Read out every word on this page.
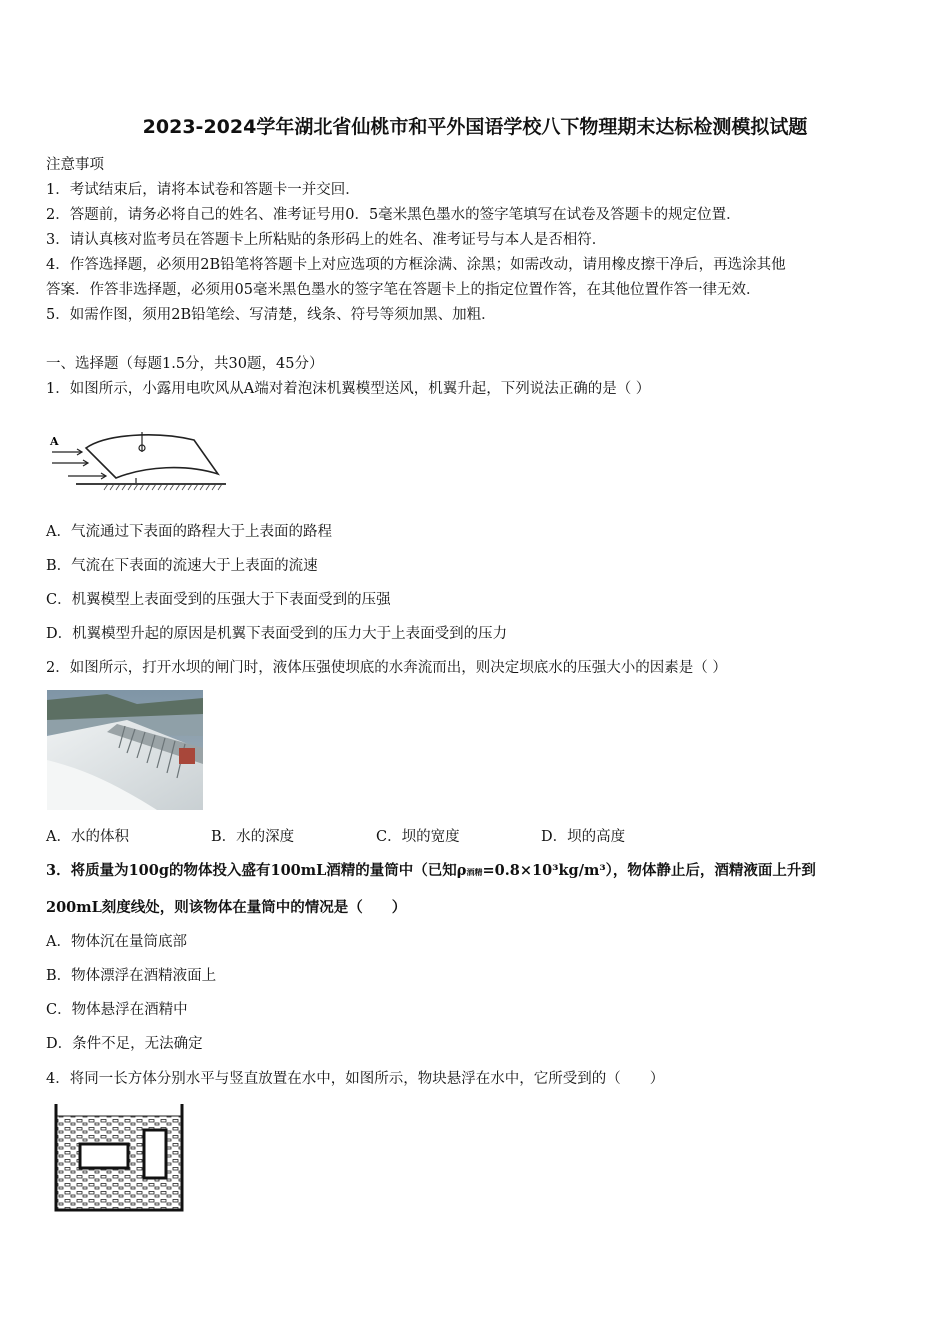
2023-2024学年湖北省仙桃市和平外国语学校八下物理期末达标检测模拟试题
注意事项
1．考试结束后，请将本试卷和答题卡一并交回．
2．答题前，请务必将自己的姓名、准考证号用0．5毫米黑色墨水的签字笔填写在试卷及答题卡的规定位置．
3．请认真核对监考员在答题卡上所粘贴的条形码上的姓名、准考证号与本人是否相符．
4．作答选择题，必须用2B铅笔将答题卡上对应选项的方框涂满、涂黑；如需改动，请用橡皮擦干净后，再选涂其他
答案．作答非选择题，必须用05毫米黑色墨水的签字笔在答题卡上的指定位置作答，在其他位置作答一律无效．
5．如需作图，须用2B铅笔绘、写清楚，线条、符号等须加黑、加粗．
一、选择题（每题1.5分，共30题，45分）
1．如图所示，小露用电吹风从A端对着泡沫机翼模型送风，机翼升起，下列说法正确的是（ ）
A
A．气流通过下表面的路程大于上表面的路程
B．气流在下表面的流速大于上表面的流速
C．机翼模型上表面受到的压强大于下表面受到的压强
D．机翼模型升起的原因是机翼下表面受到的压力大于上表面受到的压力
2．如图所示，打开水坝的闸门时，液体压强使坝底的水奔流而出，则决定坝底水的压强大小的因素是（ ）
A．水的体积	B．水的深度	C．坝的宽度	D．坝的高度
3．将质量为100g的物体投入盛有100mL酒精的量筒中（已知ρ酒精=0.8×10³kg/m³），物体静止后，酒精液面上升到
200mL刻度线处，则该物体在量筒中的情况是（　　）
A．物体沉在量筒底部
B．物体漂浮在酒精液面上
C．物体悬浮在酒精中
D．条件不足，无法确定
4．将同一长方体分别水平与竖直放置在水中，如图所示，物块悬浮在水中，它所受到的（　　）
